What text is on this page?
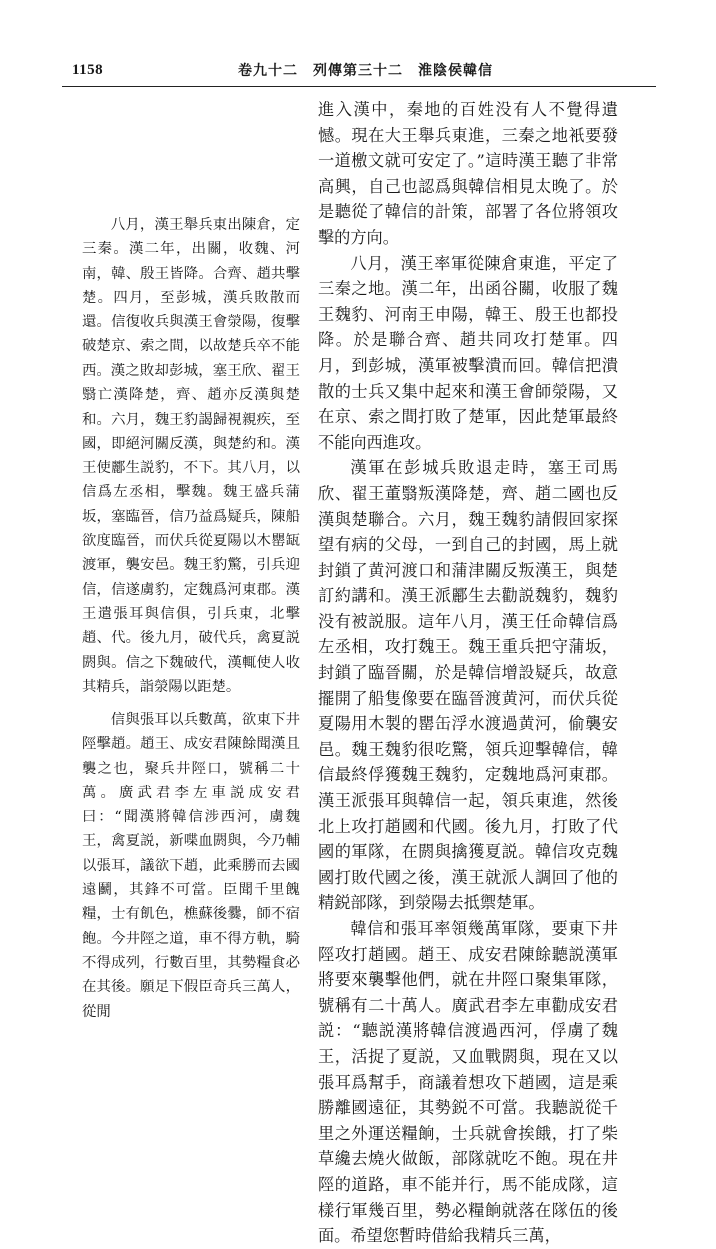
1158	卷九十二　列傳第三十二　淮陰侯韓信

八月，漢王舉兵東出陳倉，定三秦。漢二年，出關，收魏、河南，韓、殷王皆降。合齊、趙共擊楚。四月，至彭城，漢兵敗散而還。信復收兵與漢王會滎陽，復擊破楚京、索之間，以故楚兵卒不能西。 漢之敗却彭城，塞王欣、翟王翳亡漢降楚，齊、趙亦反漢與楚和。六月，魏王豹謁歸視親疾，至國，即絕河關反漢，與楚約和。漢王使酈生説豹，不下。其八月，以信爲左丞相，擊魏。魏王盛兵蒲坂，塞臨晉，信乃益爲疑兵，陳船欲度臨晉，而伏兵從夏陽以木罌缻渡軍，襲安邑。魏王豹驚，引兵迎信，信遂虜豹，定魏爲河東郡。漢王遣張耳與信俱，引兵東，北擊趙、代。後九月，破代兵，禽夏説閼與。信之下魏破代，漢輒使人收其精兵，詣滎陽以距楚。

信與張耳以兵數萬，欲東下井陘擊趙。趙王、成安君陳餘聞漢且襲之也，聚兵井陘口，號稱二十萬。廣武君李左車説成安君曰：“聞漢將韓信涉西河，虜魏王，禽夏説，新喋血閼與，今乃輔以張耳，議欲下趙，此乘勝而去國遠鬬，其鋒不可當。臣聞千里餽糧，士有飢色，樵蘇後爨，師不宿飽。今井陘之道，車不得方軌，騎不得成列，行數百里，其勢糧食必在其後。願足下假臣奇兵三萬人，從閒

進入漢中，秦地的百姓没有人不覺得遺憾。現在大王舉兵東進，三秦之地衹要發一道檄文就可安定了。”這時漢王聽了非常高興，自己也認爲與韓信相見太晚了。於是聽從了韓信的計策，部署了各位將領攻擊的方向。

八月，漢王率軍從陳倉東進，平定了三秦之地。漢二年，出函谷關，收服了魏王魏豹、河南王申陽，韓王、殷王也都投降。於是聯合齊、趙共同攻打楚軍。四月，到彭城，漢軍被擊潰而回。韓信把潰散的士兵又集中起來和漢王會師滎陽，又在京、索之間打敗了楚軍，因此楚軍最終不能向西進攻。

漢軍在彭城兵敗退走時，塞王司馬欣、翟王董翳叛漢降楚，齊、趙二國也反漢與楚聯合。六月，魏王魏豹請假回家探望有病的父母，一到自己的封國，馬上就封鎖了黄河渡口和蒲津關反叛漢王，與楚訂約講和。漢王派酈生去勸説魏豹，魏豹没有被説服。這年八月，漢王任命韓信爲左丞相，攻打魏王。魏王重兵把守蒲坂，封鎖了臨晉關，於是韓信增設疑兵，故意擺開了船隻像要在臨晉渡黄河，而伏兵從夏陽用木製的罌缶浮水渡過黄河，偷襲安邑。魏王魏豹很吃驚，領兵迎擊韓信，韓信最終俘獲魏王魏豹，定魏地爲河東郡。漢王派張耳與韓信一起，領兵東進，然後北上攻打趙國和代國。後九月，打敗了代國的軍隊，在閼與擒獲夏説。韓信攻克魏國打敗代國之後，漢王就派人調回了他的精鋭部隊，到滎陽去抵禦楚軍。

韓信和張耳率領幾萬軍隊，要東下井陘攻打趙國。趙王、成安君陳餘聽説漢軍將要來襲擊他們，就在井陘口聚集軍隊，號稱有二十萬人。廣武君李左車勸成安君説：“聽説漢將韓信渡過西河，俘虜了魏王，活捉了夏説，又血戰閼與，現在又以張耳爲幫手，商議着想攻下趙國，這是乘勝離國遠征，其勢鋭不可當。我聽説從千里之外運送糧餉，士兵就會挨餓，打了柴草纔去燒火做飯，部隊就吃不飽。現在井陘的道路，車不能并行，馬不能成隊，這樣行軍幾百里，勢必糧餉就落在隊伍的後面。希望您暫時借給我精兵三萬，
